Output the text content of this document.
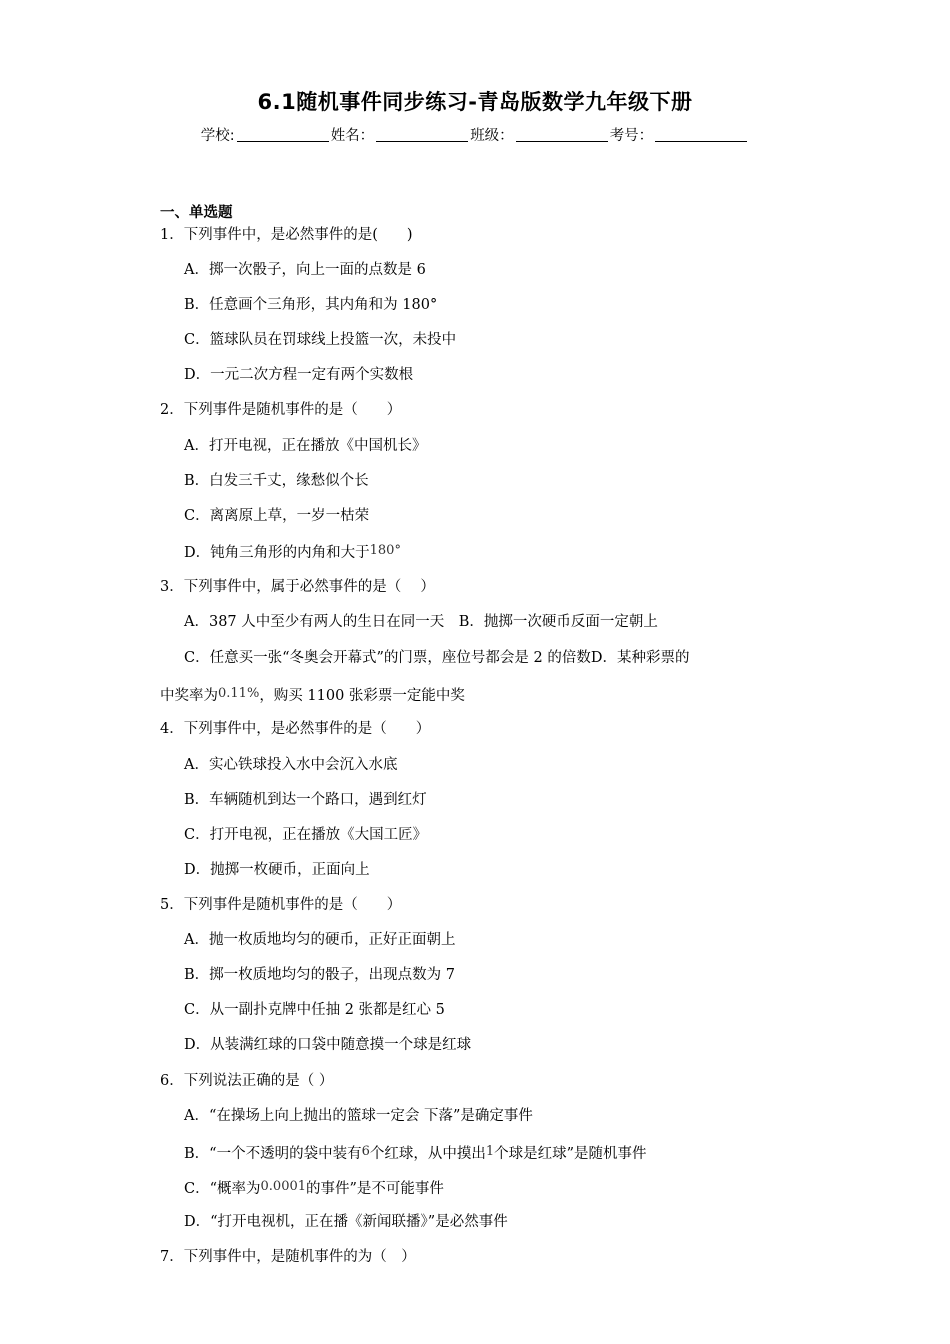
6.1随机事件同步练习-青岛版数学九年级下册
学校:	姓名：	班级：	考号：
一、单选题
1．下列事件中，是必然事件的是(　　)
A．掷一次骰子，向上一面的点数是 6
B．任意画个三角形，其内角和为 180°
C．篮球队员在罚球线上投篮一次，未投中
D．一元二次方程一定有两个实数根
2．下列事件是随机事件的是（　　）
A．打开电视，正在播放《中国机长》
B．白发三千丈，缘愁似个长
C．离离原上草，一岁一枯荣
D．钝角三角形的内角和大于180°
3．下列事件中，属于必然事件的是（　 ）
A．387 人中至少有两人的生日在同一天　B．抛掷一次硬币反面一定朝上
C．任意买一张“冬奥会开幕式”的门票，座位号都会是 2 的倍数D．某种彩票的
中奖率为0.11%，购买 1100 张彩票一定能中奖
4．下列事件中，是必然事件的是（　　）
A．实心铁球投入水中会沉入水底
B．车辆随机到达一个路口，遇到红灯
C．打开电视，正在播放《大国工匠》
D．抛掷一枚硬币，正面向上
5．下列事件是随机事件的是（　　）
A．抛一枚质地均匀的硬币，正好正面朝上
B．掷一枚质地均匀的骰子，出现点数为 7
C．从一副扑克牌中任抽 2 张都是红心 5
D．从装满红球的口袋中随意摸一个球是红球
6．下列说法正确的是（ ）
A．“在操场上向上抛出的篮球一定会 下落”是确定事件
B．“一个不透明的袋中装有6个红球，从中摸出1个球是红球”是随机事件
C．“概率为0.0001的事件”是不可能事件
D．“打开电视机，正在播《新闻联播》”是必然事件
7．下列事件中，是随机事件的为（　）
